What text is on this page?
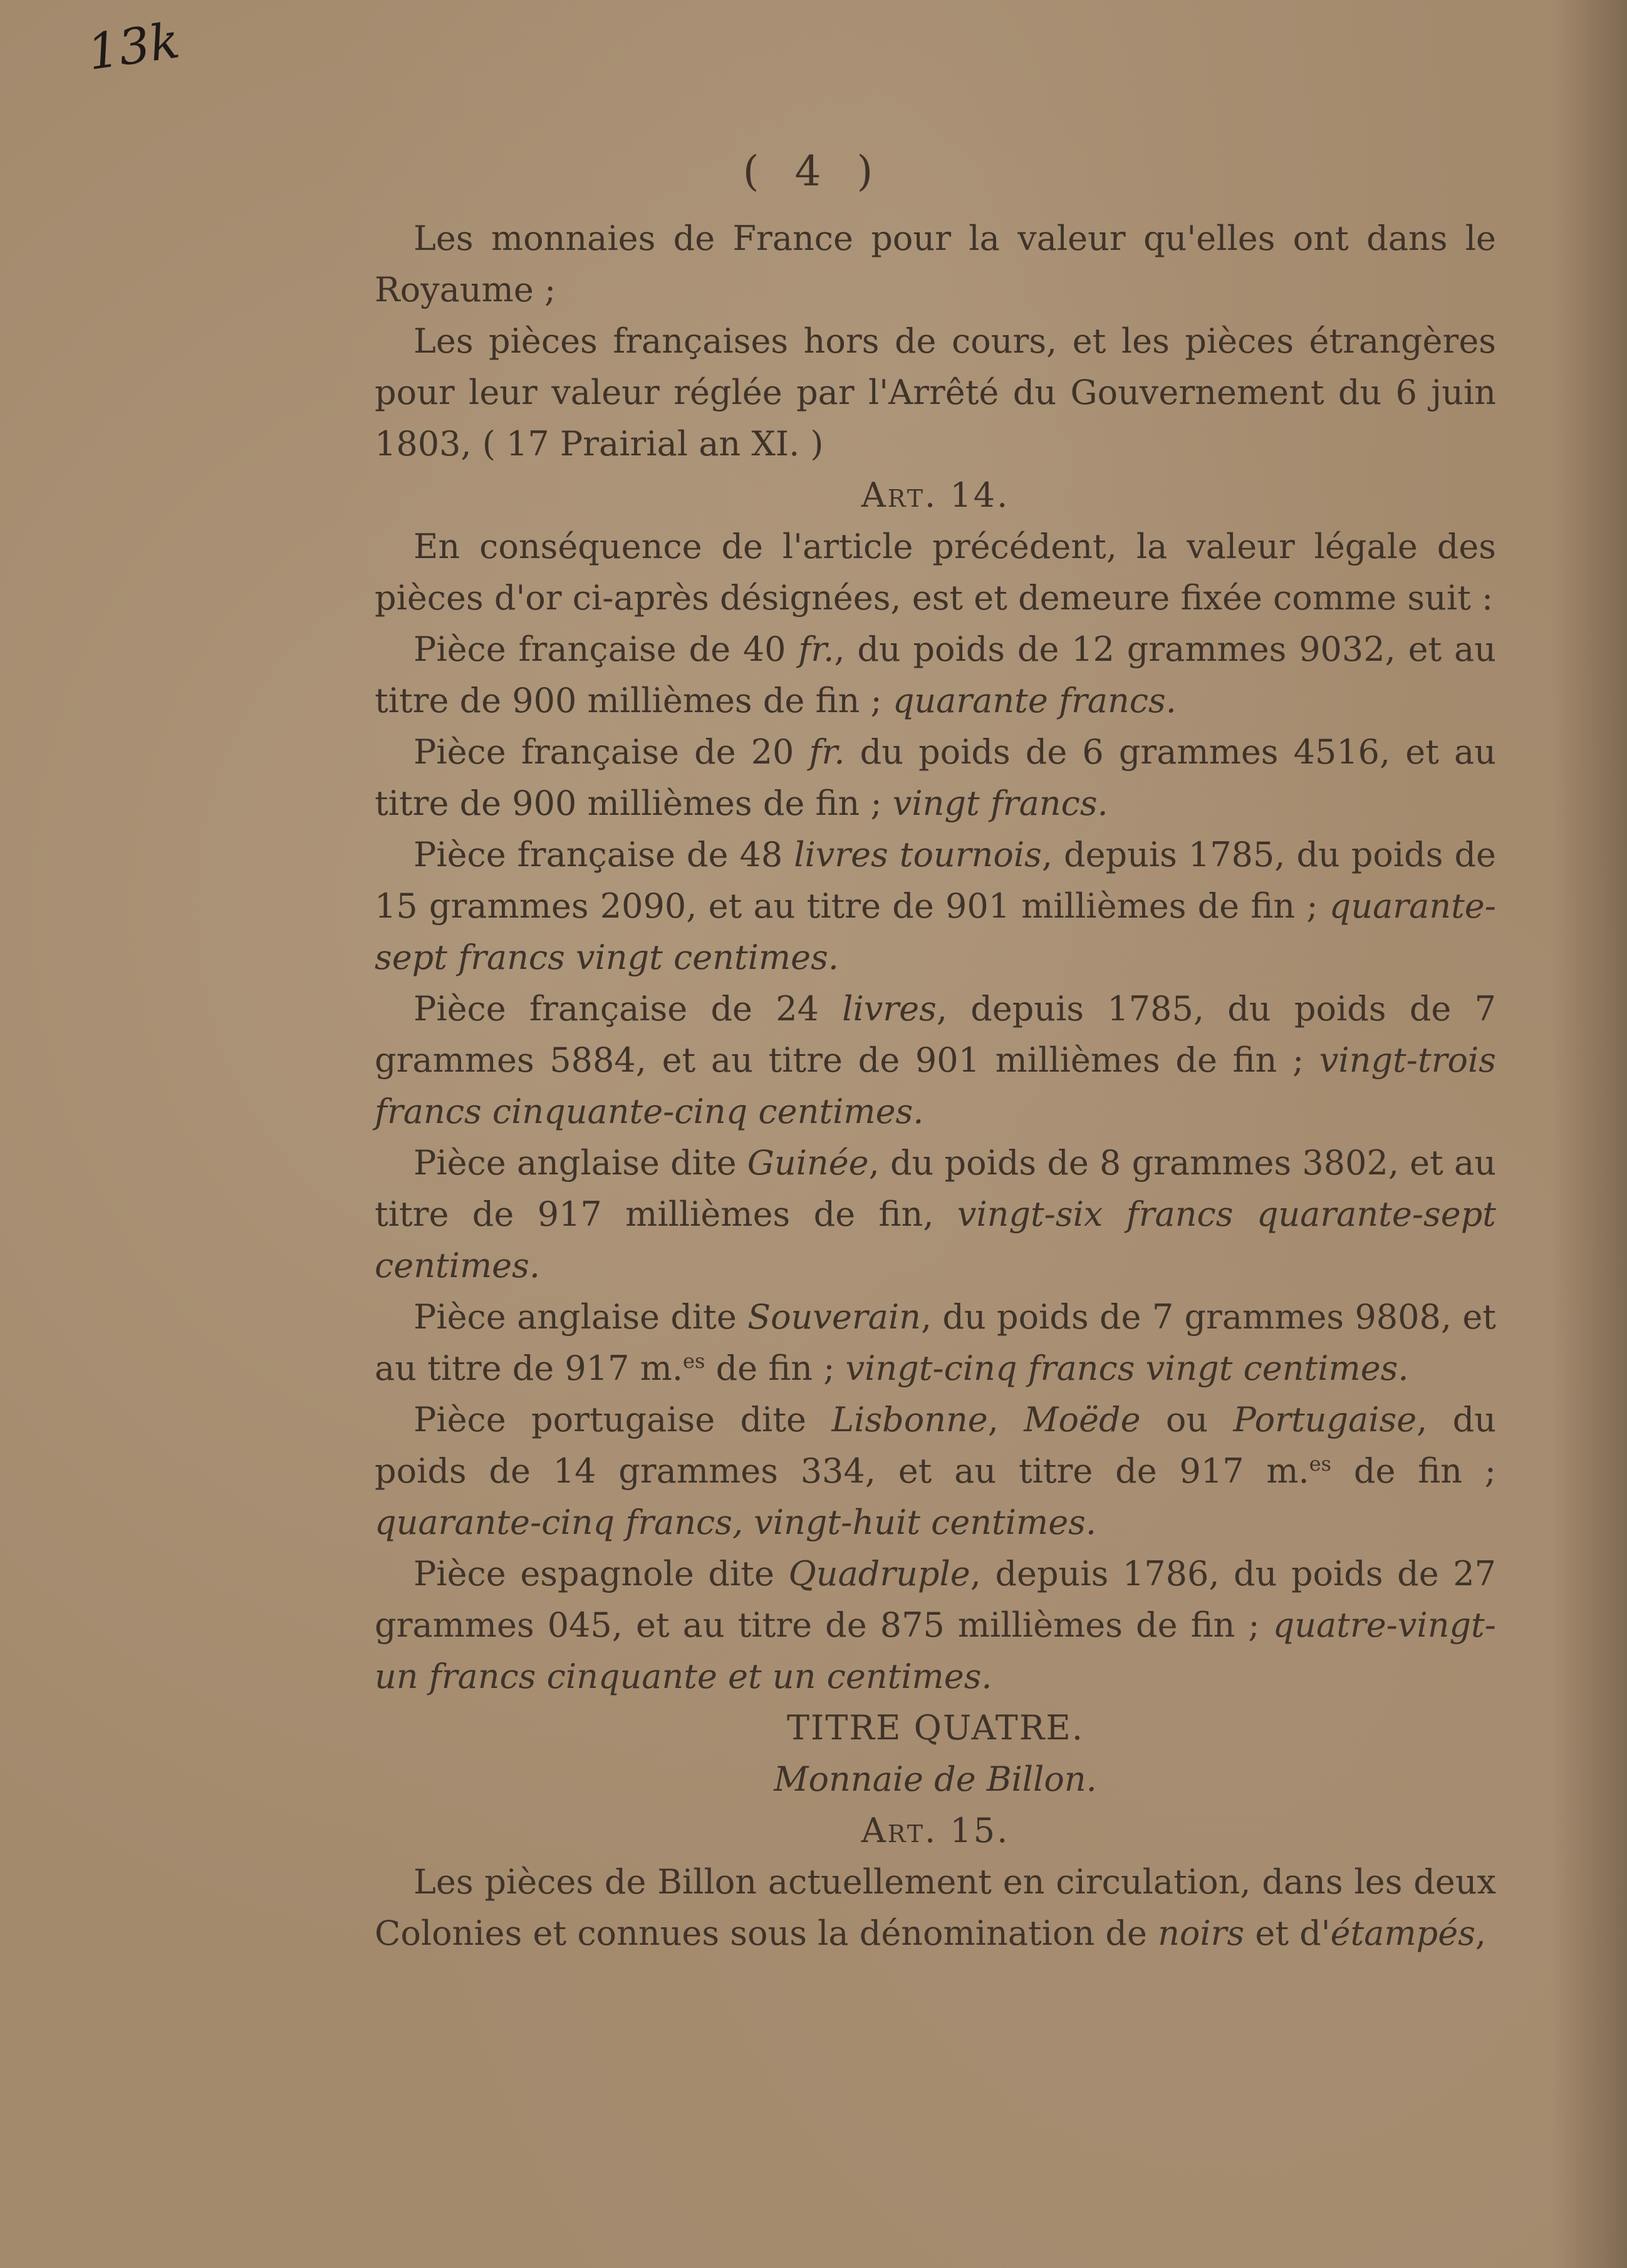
13k
( 4 )

Les monnaies de France pour la valeur qu'elles ont dans le Royaume ;

Les pièces françaises hors de cours, et les pièces étrangères pour leur valeur réglée par l'Arrêté du Gouvernement du 6 juin 1803, ( 17 Prairial an XI. )

Art. 14.

En conséquence de l'article précédent, la valeur légale des pièces d'or ci-après désignées, est et demeure fixée comme suit :

Pièce française de 40 fr., du poids de 12 grammes 9032, et au titre de 900 millièmes de fin ; quarante francs.

Pièce française de 20 fr. du poids de 6 grammes 4516, et au titre de 900 millièmes de fin ; vingt francs.

Pièce française de 48 livres tournois, depuis 1785, du poids de 15 grammes 2090, et au titre de 901 millièmes de fin ; quarante-sept francs vingt centimes.

Pièce française de 24 livres, depuis 1785, du poids de 7 grammes 5884, et au titre de 901 millièmes de fin ; vingt-trois francs cinquante-cinq centimes.

Pièce anglaise dite Guinée, du poids de 8 grammes 3802, et au titre de 917 millièmes de fin, vingt-six francs quarante-sept centimes.

Pièce anglaise dite Souverain, du poids de 7 grammes 9808, et au titre de 917 m.$^{es}$ de fin ; vingt-cinq francs vingt centimes.

Pièce portugaise dite Lisbonne, Moëde ou Portugaise, du poids de 14 grammes 334, et au titre de 917 m.$^{es}$ de fin ; quarante-cinq francs, vingt-huit centimes.

Pièce espagnole dite Quadruple, depuis 1786, du poids de 27 grammes 045, et au titre de 875 millièmes de fin ; quatre-vingt-un francs cinquante et un centimes.

TITRE QUATRE.

Monnaie de Billon.

Art. 15.

Les pièces de Billon actuellement en circulation, dans les deux Colonies et connues sous la dénomination de noirs et d'étampés,
